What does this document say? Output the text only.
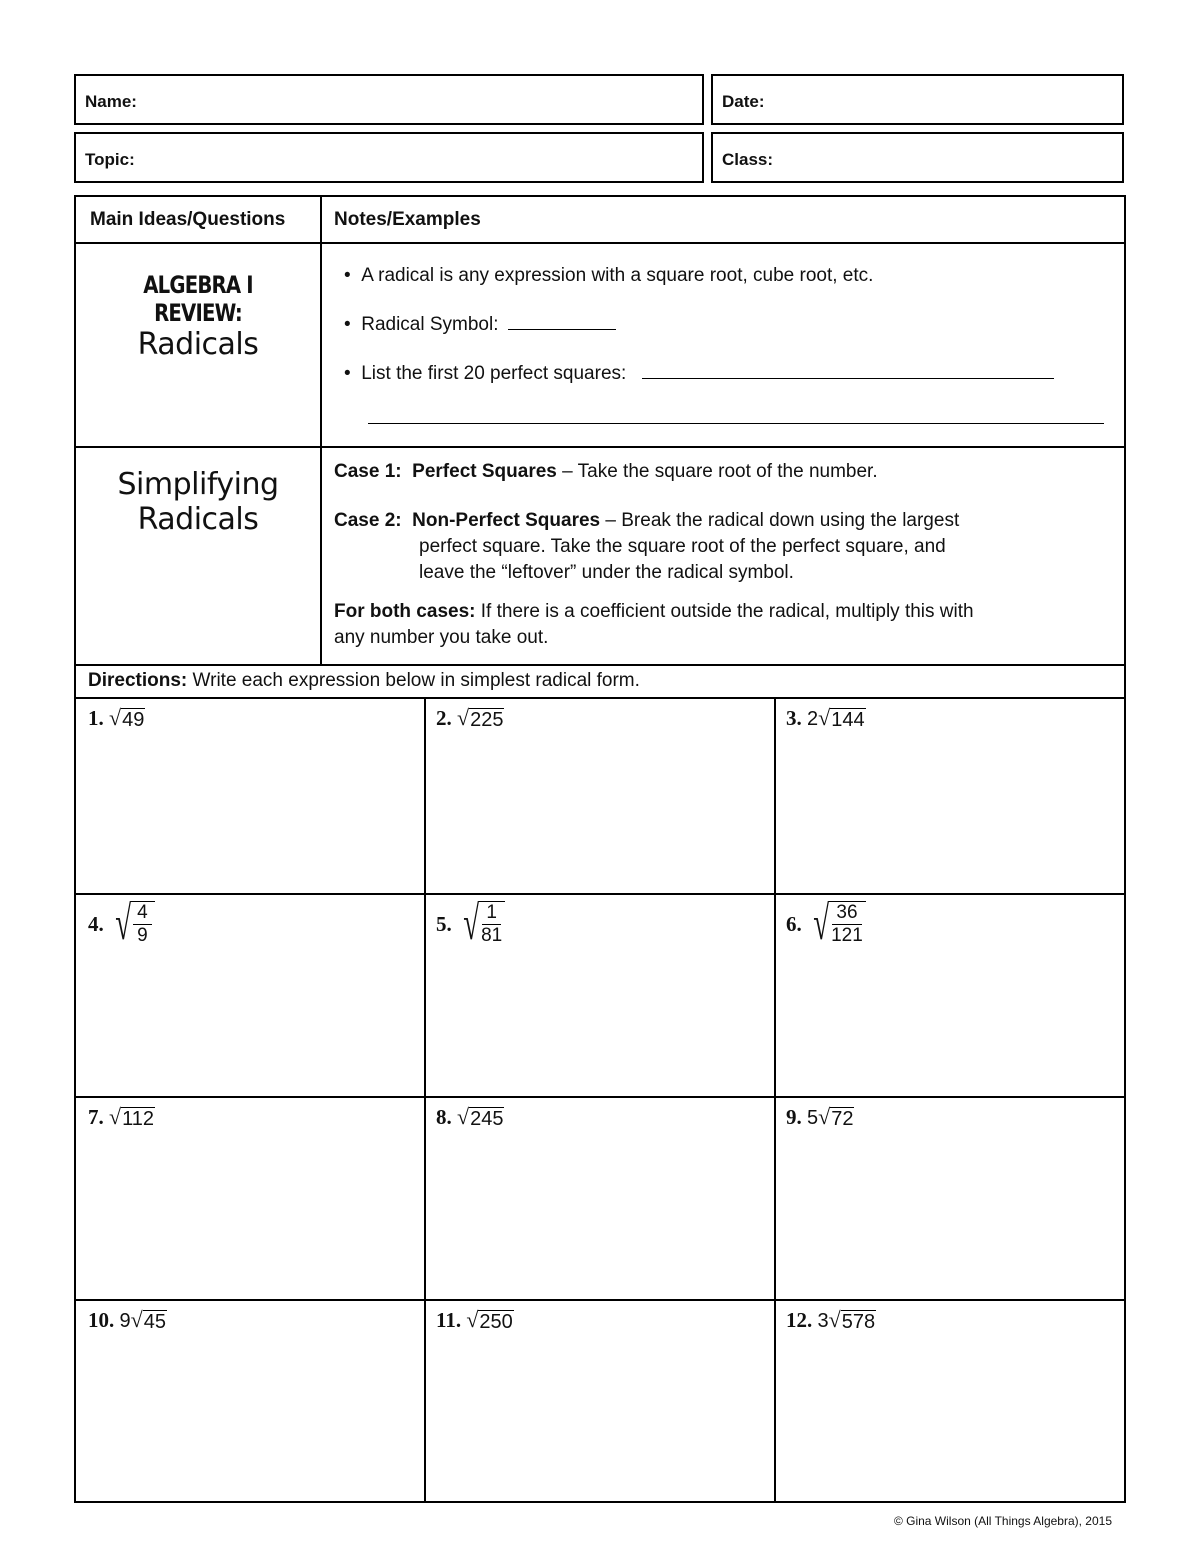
Name:	Date:
Topic:	Class:
Main Ideas/Questions	Notes/Examples
ALGEBRA I REVIEW:
Radicals
•  A radical is any expression with a square root, cube root, etc.
•  Radical Symbol:
•  List the first 20 perfect squares:
Simplifying
Radicals
Case 1: Perfect Squares – Take the square root of the number.
Case 2: Non-Perfect Squares – Break the radical down using the largest
perfect square. Take the square root of the perfect square, and
leave the “leftover” under the radical symbol.
For both cases: If there is a coefficient outside the radical, multiply this with
any number you take out.
Directions: Write each expression below in simplest radical form.
1. √ 49	2. √ 225	3. 2 √ 144
4. √ $\frac{4}{9}$	5. √ $\frac{1}{81}$	6. √ $\frac{36}{121}$
7. √ 112	8. √ 245	9. 5 √ 72
10. 9 √ 45	11. √ 250	12. 3 √ 578
© Gina Wilson (All Things Algebra), 2015
